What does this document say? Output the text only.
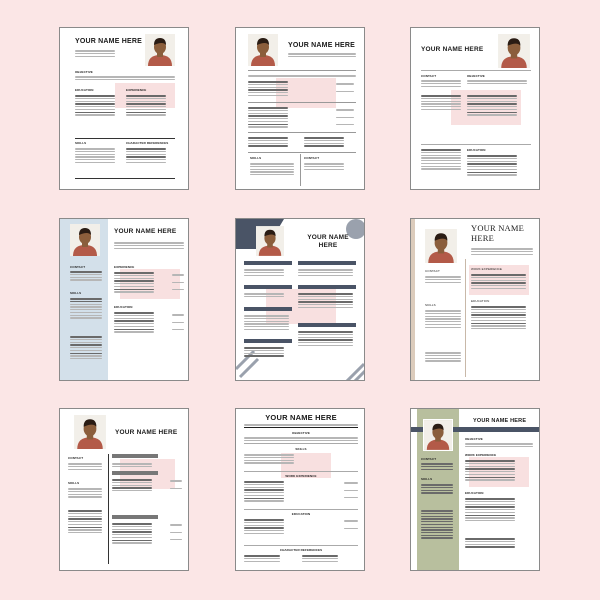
YOUR NAME HERE
OBJECTIVE
EDUCATION	EXPERIENCE
SKILLS	CHARACTER REFERENCES
YOUR NAME HERE
SKILLS	CONTACT
YOUR NAME HERE
CONTACT	OBJECTIVE
EDUCATION
YOUR NAME HERE
CONTACT
SKILLS
EXPERIENCE
EDUCATION
YOUR NAME HERE
YOUR NAME HERE
CONTACT
SKILLS
WORK EXPERIENCE
EDUCATION
YOUR NAME HERE
CONTACT
SKILLS
YOUR NAME HERE
OBJECTIVE
SKILLS
WORK EXPERIENCE
EDUCATION
CHARACTER REFERENCES
YOUR NAME HERE
OBJECTIVE
CONTACT
SKILLS
WORK EXPERIENCE
EDUCATION
